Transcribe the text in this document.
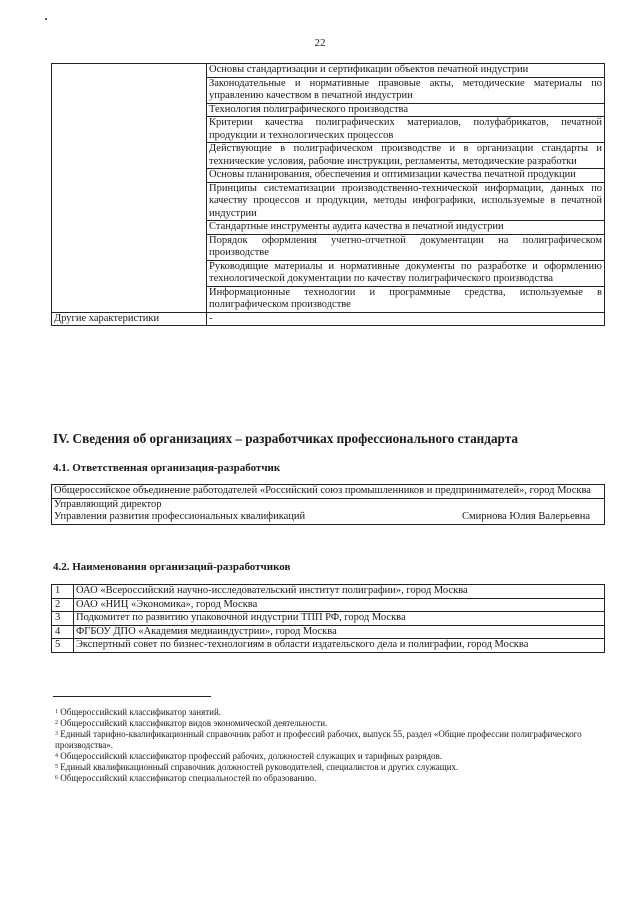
22
	Основы стандартизации и сертификации объектов печатной индустрии
	Законодательные и нормативные правовые акты, методические материалы по управлению качеством в печатной индустрии
	Технология полиграфического производства
	Критерии качества полиграфических материалов, полуфабрикатов, печатной продукции и технологических процессов
	Действующие в полиграфическом производстве и в организации стандарты и технические условия, рабочие инструкции, регламенты, методические разработки
	Основы планирования, обеспечения и оптимизации качества печатной продукции
	Принципы систематизации производственно-технической информации, данных по качеству процессов и продукции, методы инфографики, используемые в печатной индустрии
	Стандартные инструменты аудита качества в печатной индустрии
	Порядок оформления учетно-отчетной документации на полиграфическом производстве
	Руководящие материалы и нормативные документы по разработке и оформлению технологической документации по качеству полиграфического производства
	Информационные технологии и программные средства, используемые в полиграфическом производстве
Другие характеристики	-
IV. Сведения об организациях – разработчиках профессионального стандарта
4.1. Ответственная организация-разработчик
Общероссийское объединение работодателей «Российский союз промышленников и предпринимателей», город Москва

Управляющий директор
Управления развития профессиональных квалификаций	Смирнова Юлия Валерьевна
4.2. Наименования организаций-разработчиков
1	ОАО «Всероссийский научно-исследовательский институт полиграфии», город Москва
2	ОАО «НИЦ «Экономика», город Москва
3	Подкомитет по развитию упаковочной индустрии ТПП РФ, город Москва
4	ФГБОУ ДПО «Академия медиаиндустрии», город Москва
5	Экспертный совет по бизнес-технологиям в области издательского дела и полиграфии, город Москва

$^1$ Общероссийский классификатор занятий.

$^2$ Общероссийский классификатор видов экономической деятельности.

$^3$ Единый тарифно-квалификационный справочник работ и профессий рабочих, выпуск 55, раздел «Общие профессии полиграфического производства».

$^4$ Общероссийский классификатор профессий рабочих, должностей служащих и тарифных разрядов.

$^5$ Единый квалификационный справочник должностей руководителей, специалистов и других служащих.

$^6$ Общероссийский классификатор специальностей по образованию.
